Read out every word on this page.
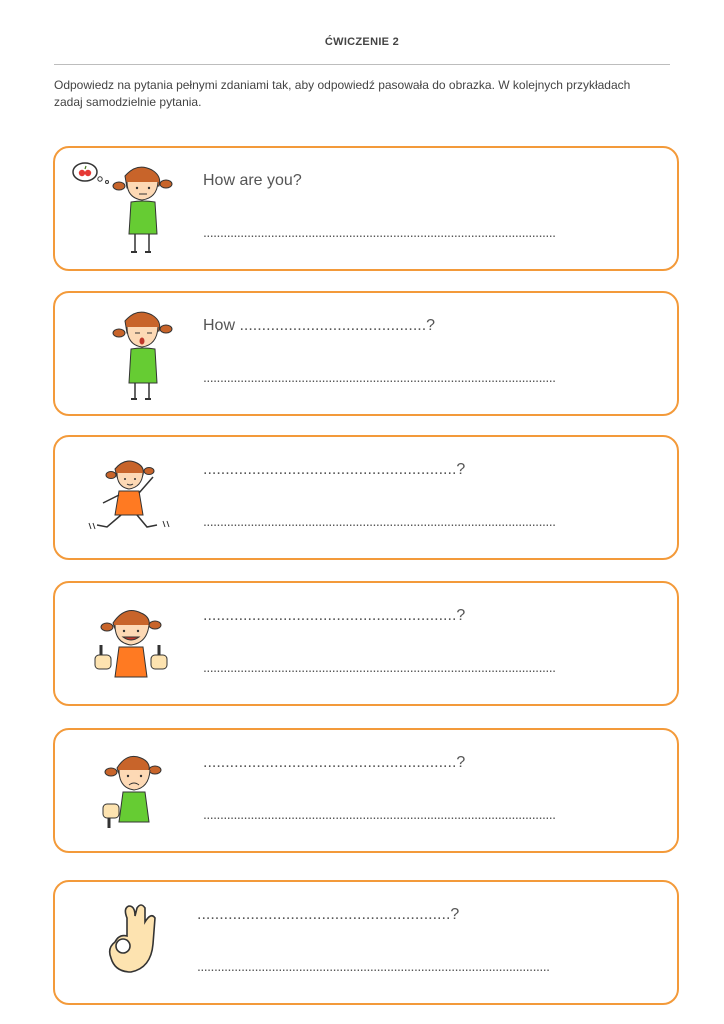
ĆWICZENIE 2
Odpowiedz na pytania pełnymi zdaniami tak, aby odpowiedź pasowała do obrazka. W kolejnych przykładach zadaj samodzielnie pytania.
How are you?
........................................................................................................
How ..........................................?
........................................................................................................
.........................................................?
........................................................................................................
.........................................................?
........................................................................................................
.........................................................?
........................................................................................................
.........................................................?
........................................................................................................
